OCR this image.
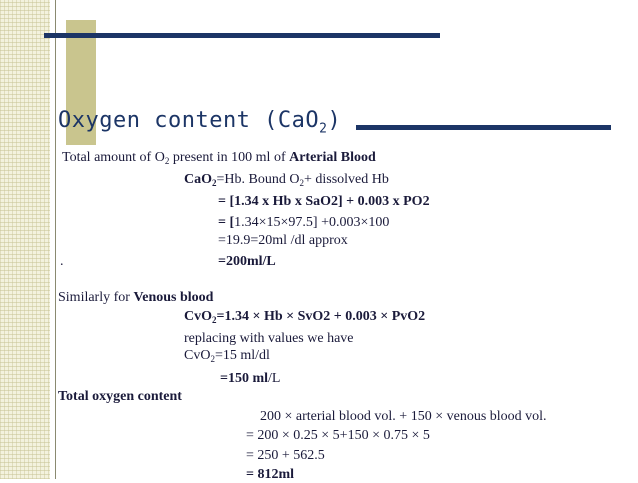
Oxygen content (CaO$_2$)
Total amount of $O_2$ present in 100 ml of Arterial Blood
CaO$_2$=Hb. Bound $O_2+$ dissolved Hb
= [1.34 x Hb x SaO2] + 0.003 x PO2
= [1.34×15×97.5] +0.003×100
=19.9=20ml /dl approx
.	=200ml/L
Similarly for Venous blood
CvO$_2$=1.34 × Hb × SvO2 + 0.003 × PvO2
replacing with values we have
CvO$_2$=15 ml/dl
=150 ml/L
Total oxygen content
200 × arterial blood vol. + 150 × venous blood vol.
= 200 × 0.25 × 5+150 × 0.75 × 5
= 250 + 562.5
= 812ml
